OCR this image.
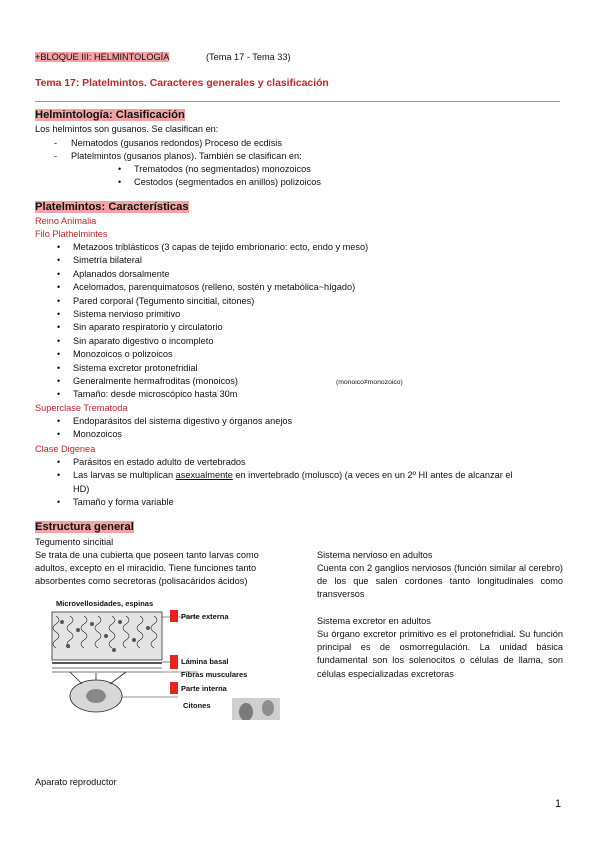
+BLOQUE III: HELMINTOLOGÍA	(Tema 17 - Tema 33)
Tema 17: Platelmintos. Caracteres generales y clasificación
Helmintología: Clasificación
Los helmintos son gusanos. Se clasifican en:
- Nematodos (gusanos redondos) Proceso de ecdisis
- Platelmintos (gusanos planos). También se clasifican en:
• Trematodos (no segmentados) monozoicos
• Cestodos (segmentados en anillos) polizoicos
Platelmintos: Características
Reino Animalia
Filo Plathelmintes
• Metazoos triblásticos (3 capas de tejido embrionario: ecto, endo y meso)
• Simetría bilateral
• Aplanados dorsalmente
• Acelomados, parenquimatosos (relleno, sostén y metabólica~hígado)
• Pared corporal (Tegumento sincitial, citones)
• Sistema nervioso primitivo
• Sin aparato respiratorio y circulatorio
• Sin aparato digestivo o incompleto
• Monozoicos o polizoicos
• Sistema excretor protonefridial
• Generalmente hermafroditas (monoicos)
• Tamaño: desde microscópico hasta 30m
(monoico≠monozoico)
Superclase Trematoda
• Endoparásitos del sistema digestivo y órganos anejos
• Monozoicos
Clase Digenea
• Parásitos en estado adulto de vertebrados
• Las larvas se multiplican asexualmente en invertebrado (molusco) (a veces en un 2º HI antes de alcanzar el
HD)
• Tamaño y forma variable
Estructura general
Tegumento sincitial
Se trata de una cubierta que poseen tanto larvas como adultos, excepto en el miracidio. Tiene funciones tanto absorbentes como secretoras (polisacáridos ácidos)
Sistema nervioso en adultos
Cuenta con 2 ganglios nerviosos (función similar al cerebro) de los que salen cordones tanto longitudinales como transversos
Sistema excretor en adultos
Su órgano excretor primitivo es el protonefridial. Su función principal es de osmorregulación. La unidad básica fundamental son los solenocitos o células de llama, son células especializadas excretoras
Microvellosidades, espinas
Parte externa
Lámina basal
Fibras musculares
Parte interna
Citones
Aparato reproductor
1
